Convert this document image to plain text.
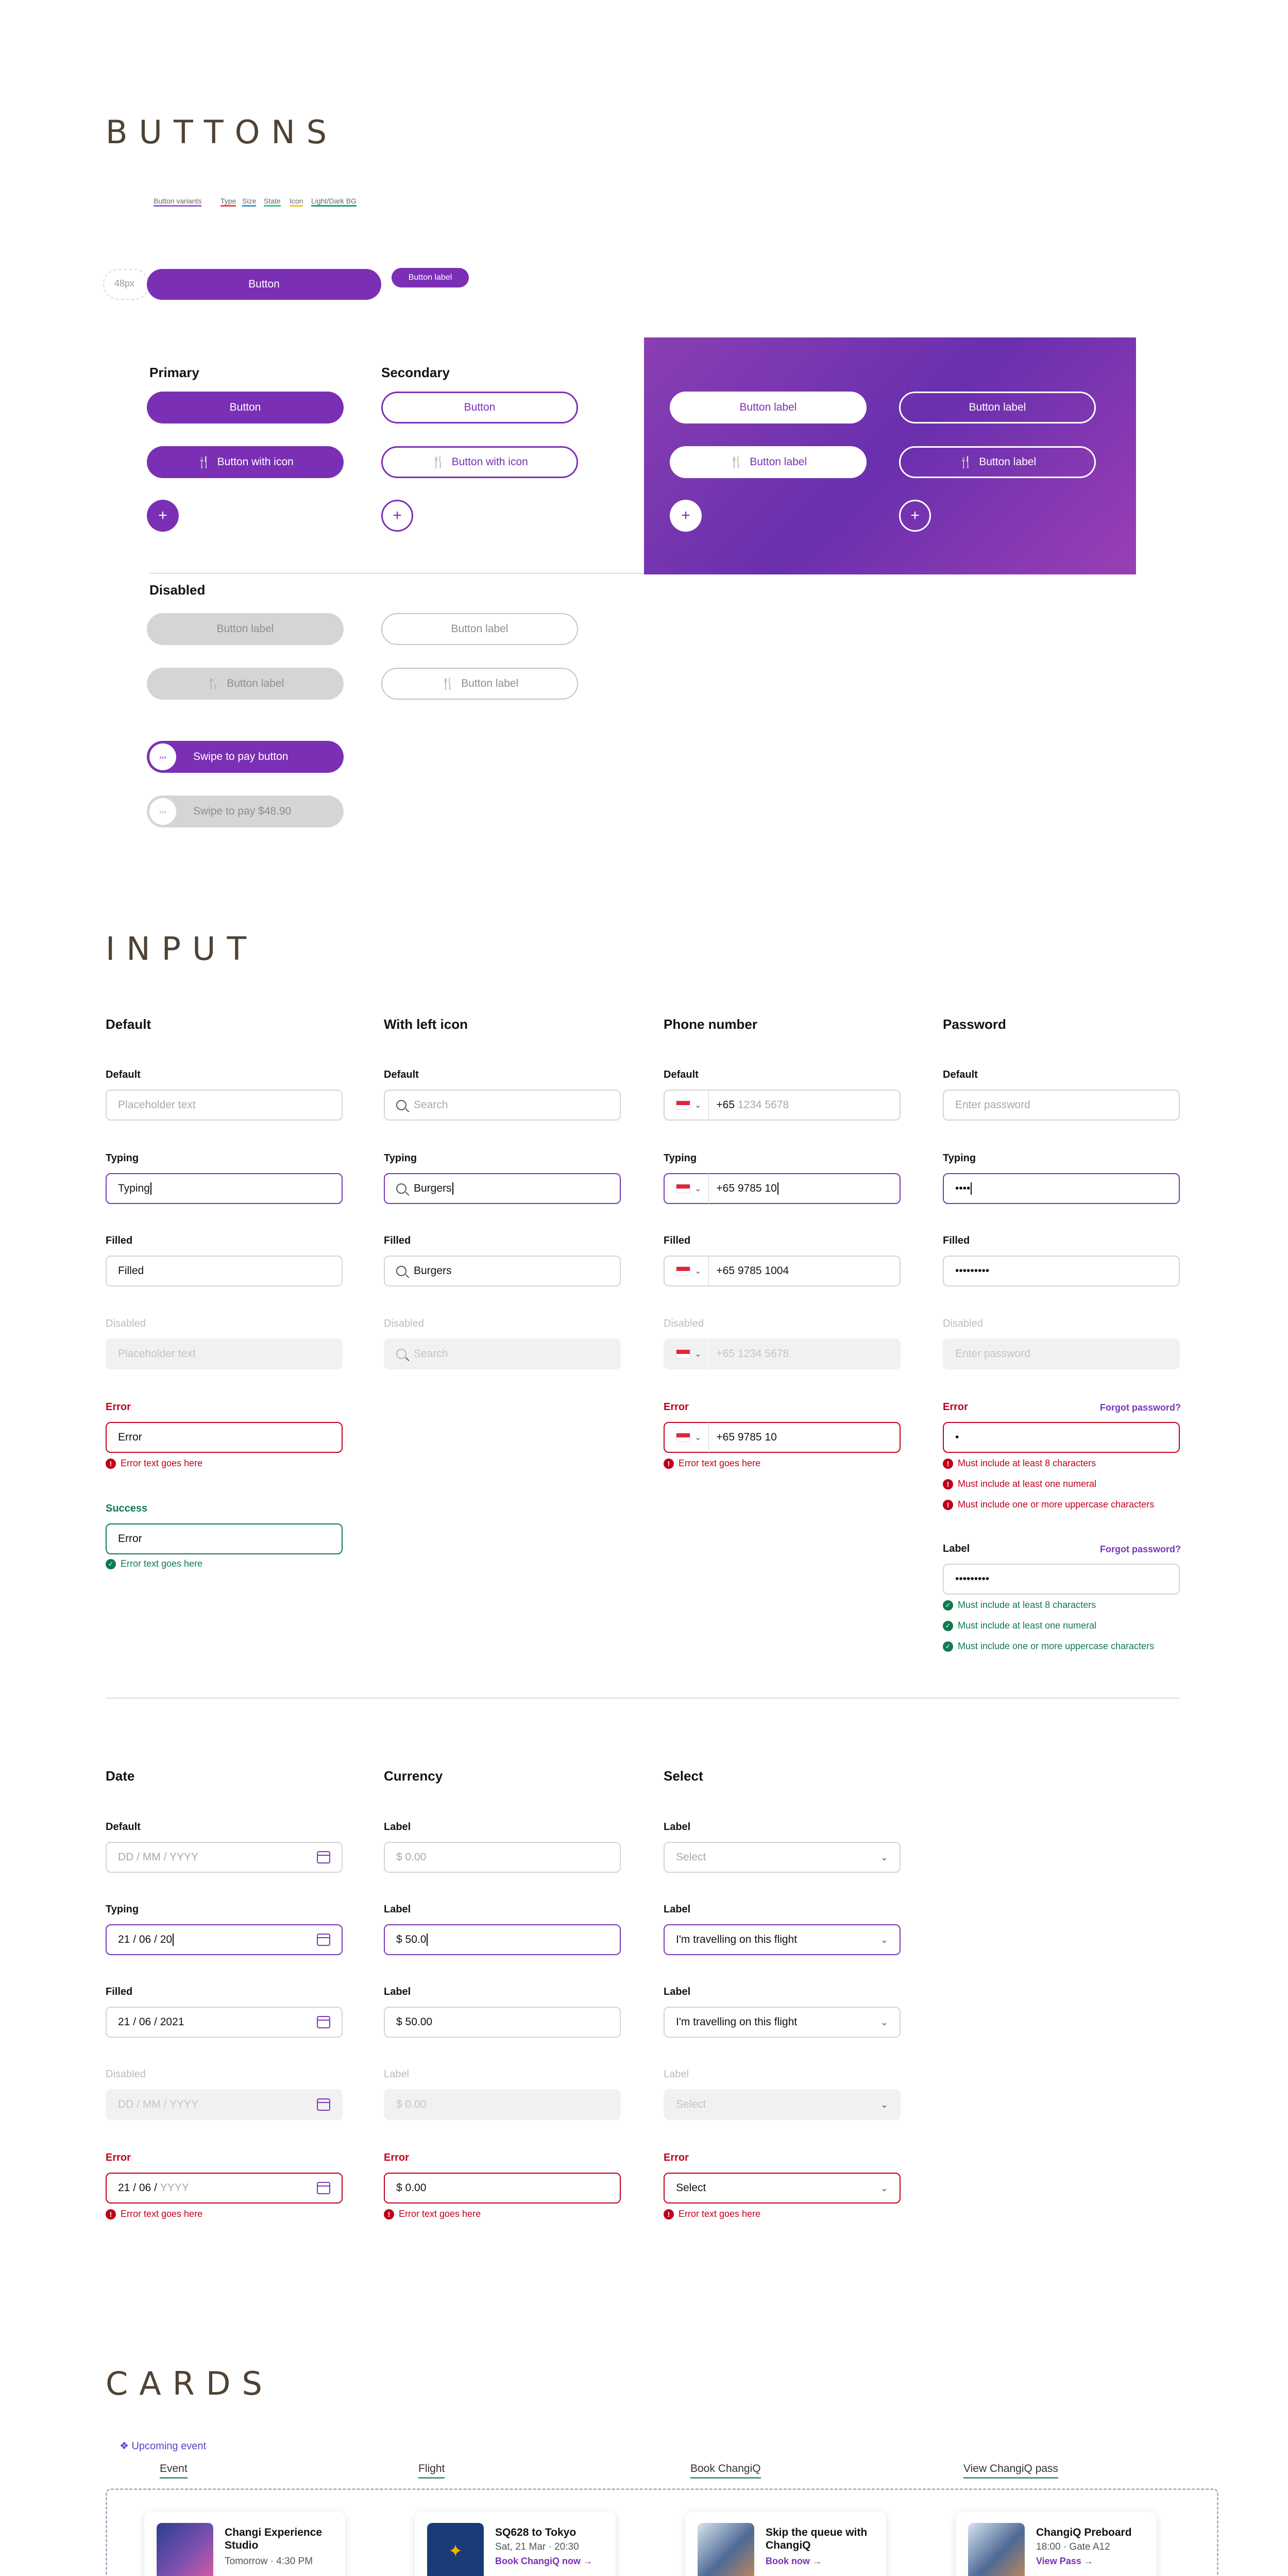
BUTTONS
Button variants	Type Size State Icon Light/Dark BG
48px	Button
Button label
Primary
Button
🍴 Button with icon
+
Secondary
Button
🍴 Button with icon
+
Button label	Button label
🍴 Button label	🍴 Button label
+	+
Disabled
Button label	Button label
🍴 Button label	🍴 Button label
›››	Swipe to pay button
›››	Swipe to pay $48.90
INPUT
Default	With left icon	Phone number	Password
Default
Placeholder text
Typing
Typing
Filled
Filled
Disabled
Placeholder text
Error
Error
! Error text goes here
Success
Error
✓ Error text goes here
Default
Search
Typing
Burgers
Filled
Burgers
Disabled
Search
Default
⌄ +65
1234 5678
Typing
⌄ +65 9785 10
Filled
⌄ +65 9785 1004
Disabled
⌄ +65 1234 5678
Error
⌄ +65 9785 10
! Error text goes here
Default
Enter password
Typing
••••
Filled
•••••••••
Disabled
Enter password
Error	Forgot password?
•
! Must include at least 8 characters
! Must include at least one numeral
! Must include one or more uppercase characters
Label	Forgot password?
•••••••••
✓ Must include at least 8 characters
✓ Must include at least one numeral
✓ Must include one or more uppercase characters
Date	Currency	Select
Default
DD / MM / YYYY
Typing
21 / 06 / 20
Filled
21 / 06 / 2021
Disabled
DD / MM / YYYY
Error
21 / 06 /
YYYY
! Error text goes here
Label
$ 0.00
Label
$ 50.0
Label
$ 50.00
Label
$ 0.00
Error
$ 0.00
! Error text goes here
Label
Select	⌄
Label
I'm travelling on this flight	⌄
Label
I'm travelling on this flight	⌄
Label
Select	⌄
Error
Select	⌄
! Error text goes here
CARDS
❖ Upcoming event
Event	Flight	Book ChangiQ	View ChangiQ pass
Changi Experience Studio
Tomorrow · 4:30 PM
✦
SQ628 to Tokyo
Sat, 21 Mar · 20:30
Book ChangiQ now →
Skip the queue with ChangiQ
Book now →
ChangiQ Preboard
18:00 · Gate A12
View Pass →
